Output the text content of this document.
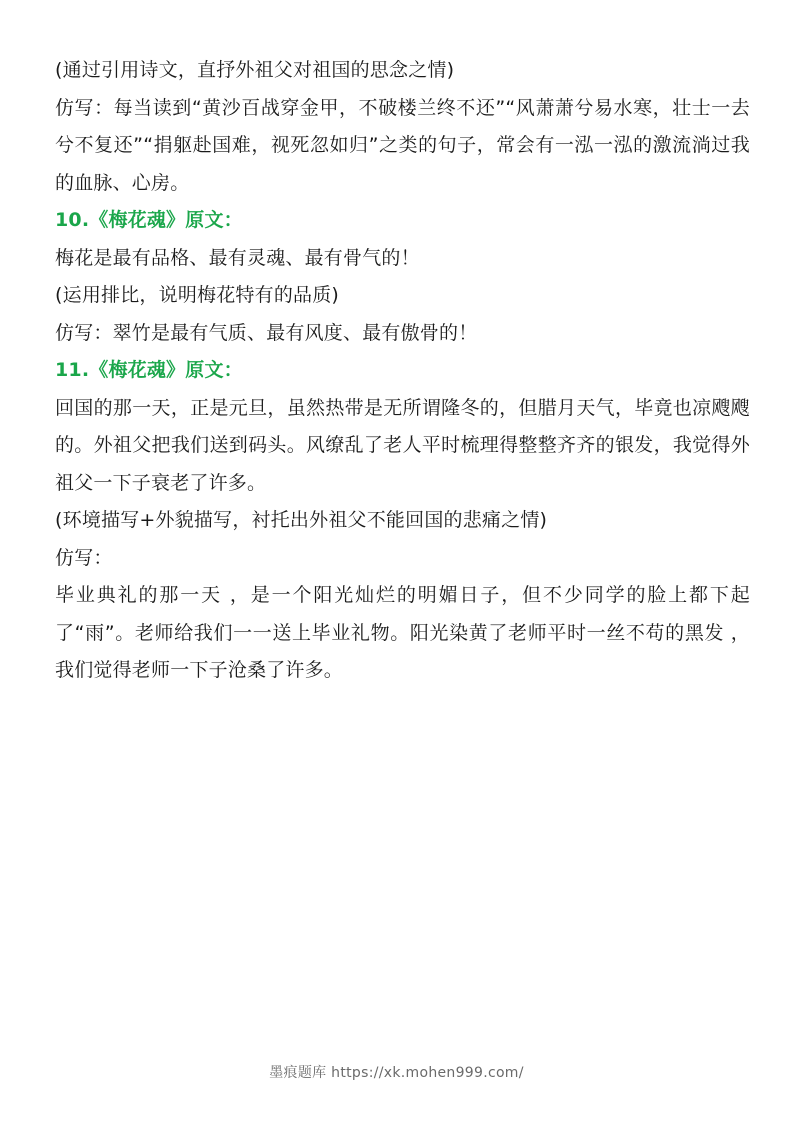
(通过引用诗文，直抒外祖父对祖国的思念之情)

仿写：每当读到“黄沙百战穿金甲，不破楼兰终不还”“风萧萧兮易水寒，壮士一去兮不复还”“捐躯赴国难，视死忽如归”之类的句子，常会有一泓一泓的激流淌过我的血脉、心房。

10.《梅花魂》原文：
梅花是最有品格、最有灵魂、最有骨气的！
(运用排比，说明梅花特有的品质)
仿写：翠竹是最有气质、最有风度、最有傲骨的！
11.《梅花魂》原文：

回国的那一天，正是元旦，虽然热带是无所谓隆冬的，但腊月天气，毕竟也凉飕飕的。外祖父把我们送到码头。风缭乱了老人平时梳理得整整齐齐的银发，我觉得外祖父一下子衰老了许多。

(环境描写+外貌描写，衬托出外祖父不能回国的悲痛之情)
仿写：

毕业典礼的那一天 ，是一个阳光灿烂的明媚日子，但不少同学的脸上都下起了“雨”。老师给我们一一送上毕业礼物。阳光染黄了老师平时一丝不苟的黑发 ，我们觉得老师一下子沧桑了许多。

墨痕题库 https://xk.mohen999.com/
